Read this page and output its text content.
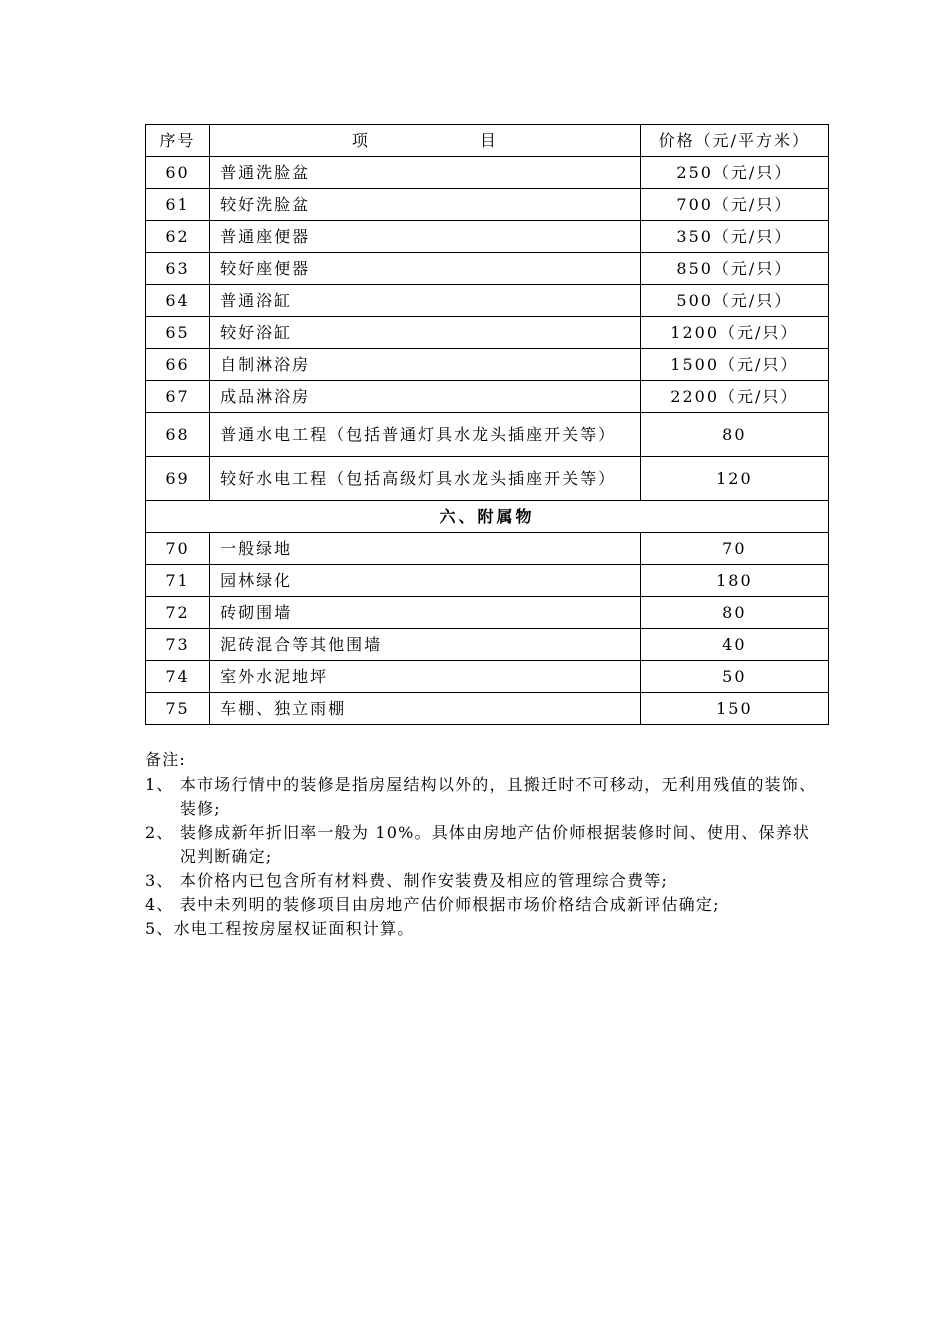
序号	项 目	价格（元/平方米）
60	普通洗脸盆	250（元/只）
61	较好洗脸盆	700（元/只）
62	普通座便器	350（元/只）
63	较好座便器	850（元/只）
64	普通浴缸	500（元/只）
65	较好浴缸	1200（元/只）
66	自制淋浴房	1500（元/只）
67	成品淋浴房	2200（元/只）
68	普通水电工程（包括普通灯具水龙头插座开关等）	80
69	较好水电工程（包括高级灯具水龙头插座开关等）	120
六、附属物		
70	一般绿地	70
71	园林绿化	180
72	砖砌围墙	80
73	泥砖混合等其他围墙	40
74	室外水泥地坪	50
75	车棚、独立雨棚	150
备注:
1、 本市场行情中的装修是指房屋结构以外的，且搬迁时不可移动，无利用残值的装饰、装修;
2、 装修成新年折旧率一般为 10%。具体由房地产估价师根据装修时间、使用、保养状况判断确定;
3、 本价格内已包含所有材料费、制作安装费及相应的管理综合费等;
4、 表中未列明的装修项目由房地产估价师根据市场价格结合成新评估确定;
5、 水电工程按房屋权证面积计算。
